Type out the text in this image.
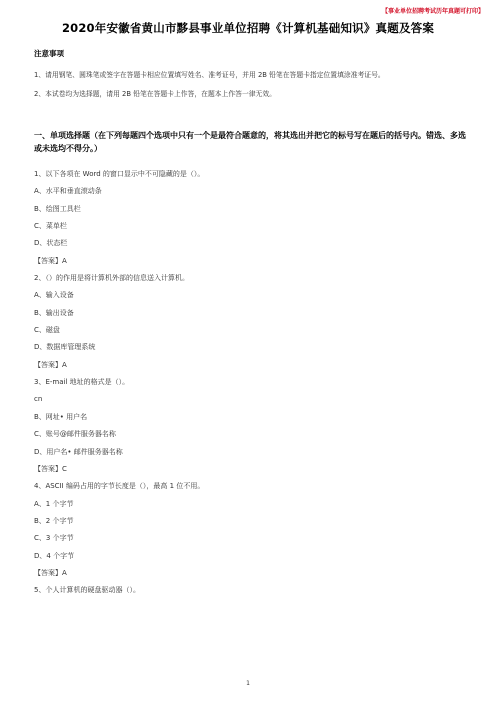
【事业单位招聘考试历年真题可打印】
2020年安徽省黄山市黟县事业单位招聘《计算机基础知识》真题及答案
注意事项

1、请用钢笔、圆珠笔或签字在答题卡相应位置填写姓名、准考证号，并用 2B 铅笔在答题卡指定位置填涂准考证号。

2、本试卷均为选择题，请用 2B 铅笔在答题卡上作答，在题本上作答一律无效。

一、单项选择题（在下列每题四个选项中只有一个是最符合题意的，将其选出并把它的标号写在题后的括号内。错选、多选或未选均不得分。）
1、以下各项在 Word 的窗口显示中不可隐藏的是（）。
A、水平和垂直滚动条
B、绘图工具栏
C、菜单栏
D、状态栏
【答案】A
2、（）的作用是将计算机外部的信息送入计算机。
A、输入设备
B、输出设备
C、磁盘
D、数据库管理系统
【答案】A
3、E-mail 地址的格式是（）。
cn
B、网址• 用户名
C、账号@邮件服务器名称
D、用户名• 邮件服务器名称
【答案】C
4、ASCII 编码占用的字节长度是（），最高 1 位不用。
A、1 个字节
B、2 个字节
C、3 个字节
D、4 个字节
【答案】A
5、个人计算机的硬盘驱动器（）。
1
